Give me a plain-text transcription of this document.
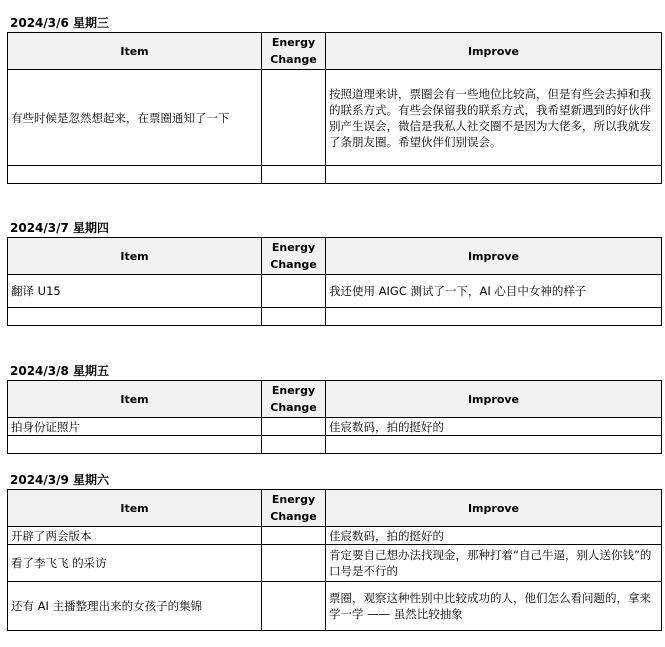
2024/3/6 星期三
Item	Energy Change	Improve
有些时候是忽然想起来，在票圈通知了一下		按照道理来讲，票圈会有一些地位比较高，但是有些会去掉和我的联系方式。有些会保留我的联系方式，我希望新遇到的好伙伴别产生误会，微信是我私人社交圈不是因为大佬多，所以我就发了条朋友圈。希望伙伴们别误会。

2024/3/7 星期四
Item	Energy Change	Improve
翻译 U15		我还使用 AIGC 测试了一下，AI 心目中女神的样子

2024/3/8 星期五
Item	Energy Change	Improve
拍身份证照片		佳宸数码，拍的挺好的

2024/3/9 星期六
Item	Energy Change	Improve
开辟了两会版本		佳宸数码，拍的挺好的
看了李飞飞 的采访		肯定要自己想办法找现金，那种打着“自己牛逼，别人送你钱”的口号是不行的
还有 AI 主播整理出来的女孩子的集锦		票圈，观察这种性别中比较成功的人，他们怎么看问题的，拿来学一学 —— 虽然比较抽象
